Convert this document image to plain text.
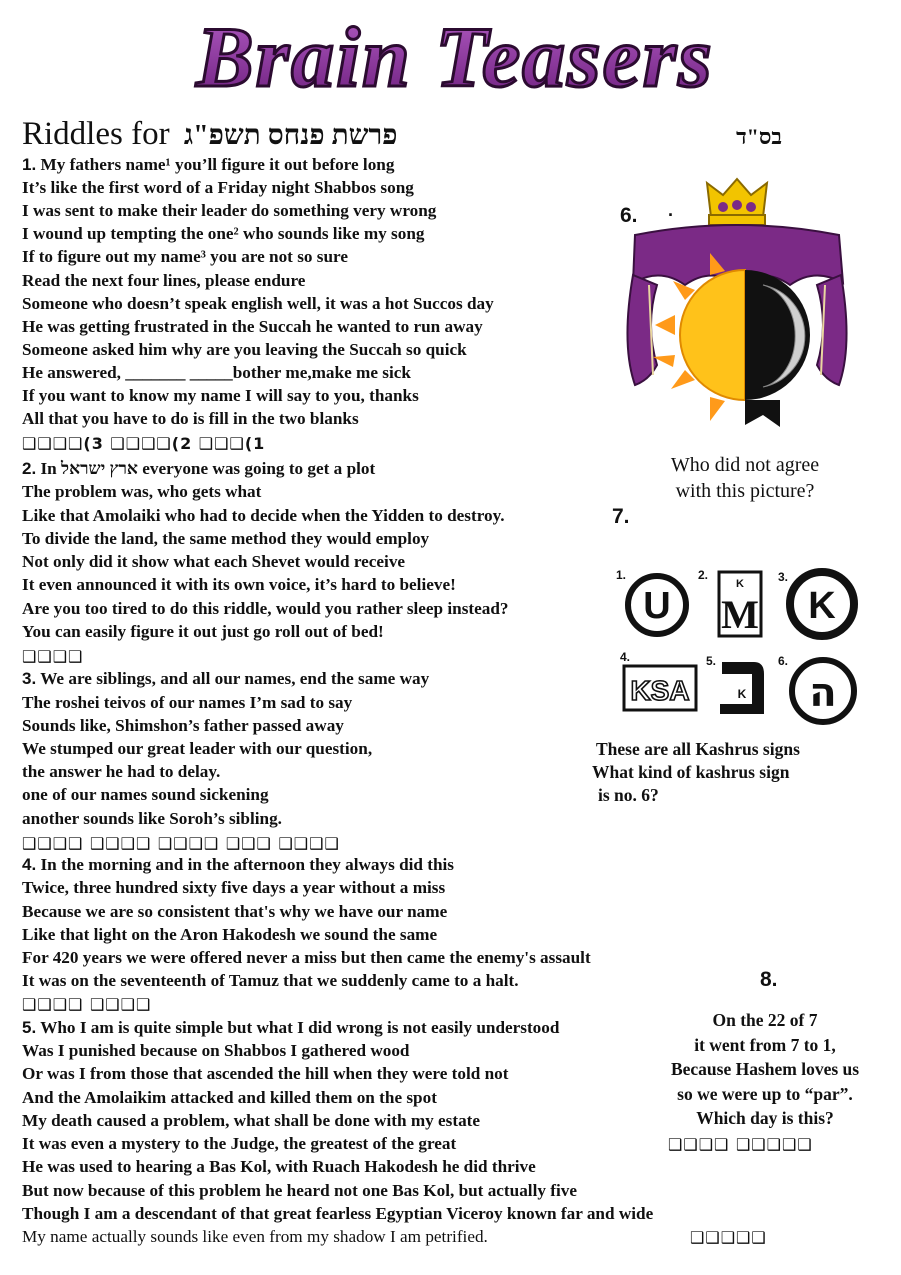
Brain Teasers
Riddles for פרשת פנחס תשפ"ג	בס"ד
1. My fathers name¹ you’ll figure it out before long
It’s like the first word of a Friday night Shabbos song
I was sent to make their leader do something very wrong
I wound up tempting the one² who sounds like my song
If to figure out my name³ you are not so sure
Read the next four lines, please endure
Someone who doesn’t speak english well, it was a hot Succos day
He was getting frustrated in the Succah he wanted to run away
Someone asked him why are you leaving the Succah so quick
He answered, _______ _____bother me,make me sick
If you want to know my name I will say to you, thanks
All that you have to do is fill in the two blanks
❑❑❑❑(3 ❑❑❑❑(2 ❑❑❑(1
2. In ארץ ישראל everyone was going to get a plot
The problem was, who gets what
Like that Amolaiki who had to decide when the Yidden to destroy.
To divide the land, the same method they would employ
Not only did it show what each Shevet would receive
It even announced it with its own voice, it’s hard to believe!
Are you too tired to do this riddle, would you rather sleep instead?
You can easily figure it out just go roll out of bed!
❑❑❑❑
3. We are siblings, and all our names, end the same way
The roshei teivos of our names I’m sad to say
Sounds like, Shimshon’s father passed away
We stumped our great leader with our question,
the answer he had to delay.
one of our names sound sickening
another sounds like Soroh’s sibling.
❑❑❑❑ ❑❑❑❑ ❑❑❑❑ ❑❑❑ ❑❑❑❑
4. In the morning and in the afternoon they always did this
Twice, three hundred sixty five days a year without a miss
Because we are so consistent that's why we have our name
Like that light on the Aron Hakodesh we sound the same
For 420 years we were offered never a miss but then came the enemy's assault
It was on the seventeenth of Tamuz that we suddenly came to a halt.
❑❑❑❑ ❑❑❑❑
5. Who I am is quite simple but what I did wrong is not easily understood
Was I punished because on Shabbos I gathered wood
Or was I from those that ascended the hill when they were told not
And the Amolaikim attacked and killed them on the spot
My death caused a problem, what shall be done with my estate
It was even a mystery to the Judge, the greatest of the great
He was used to hearing a Bas Kol, with Ruach Hakodesh he did thrive
But now because of this problem he heard not one Bas Kol, but actually five
Though I am a descendant of that great fearless Egyptian Viceroy known far and wide
My name actually sounds like even from my shadow I am petrified.	❑❑❑❑❑
6. .
Who did not agree
with this picture?
7.
1.
U
2.
K
M
3.
K
4.
KSA
5.
K
6.
ה
These are all Kashrus signs
What kind of kashrus sign
is no. 6?
8.
On the 22 of 7
it went from 7 to 1,
Because Hashem loves us
so we were up to “par”.
Which day is this?
❑❑❑❑ ❑❑❑❑❑
